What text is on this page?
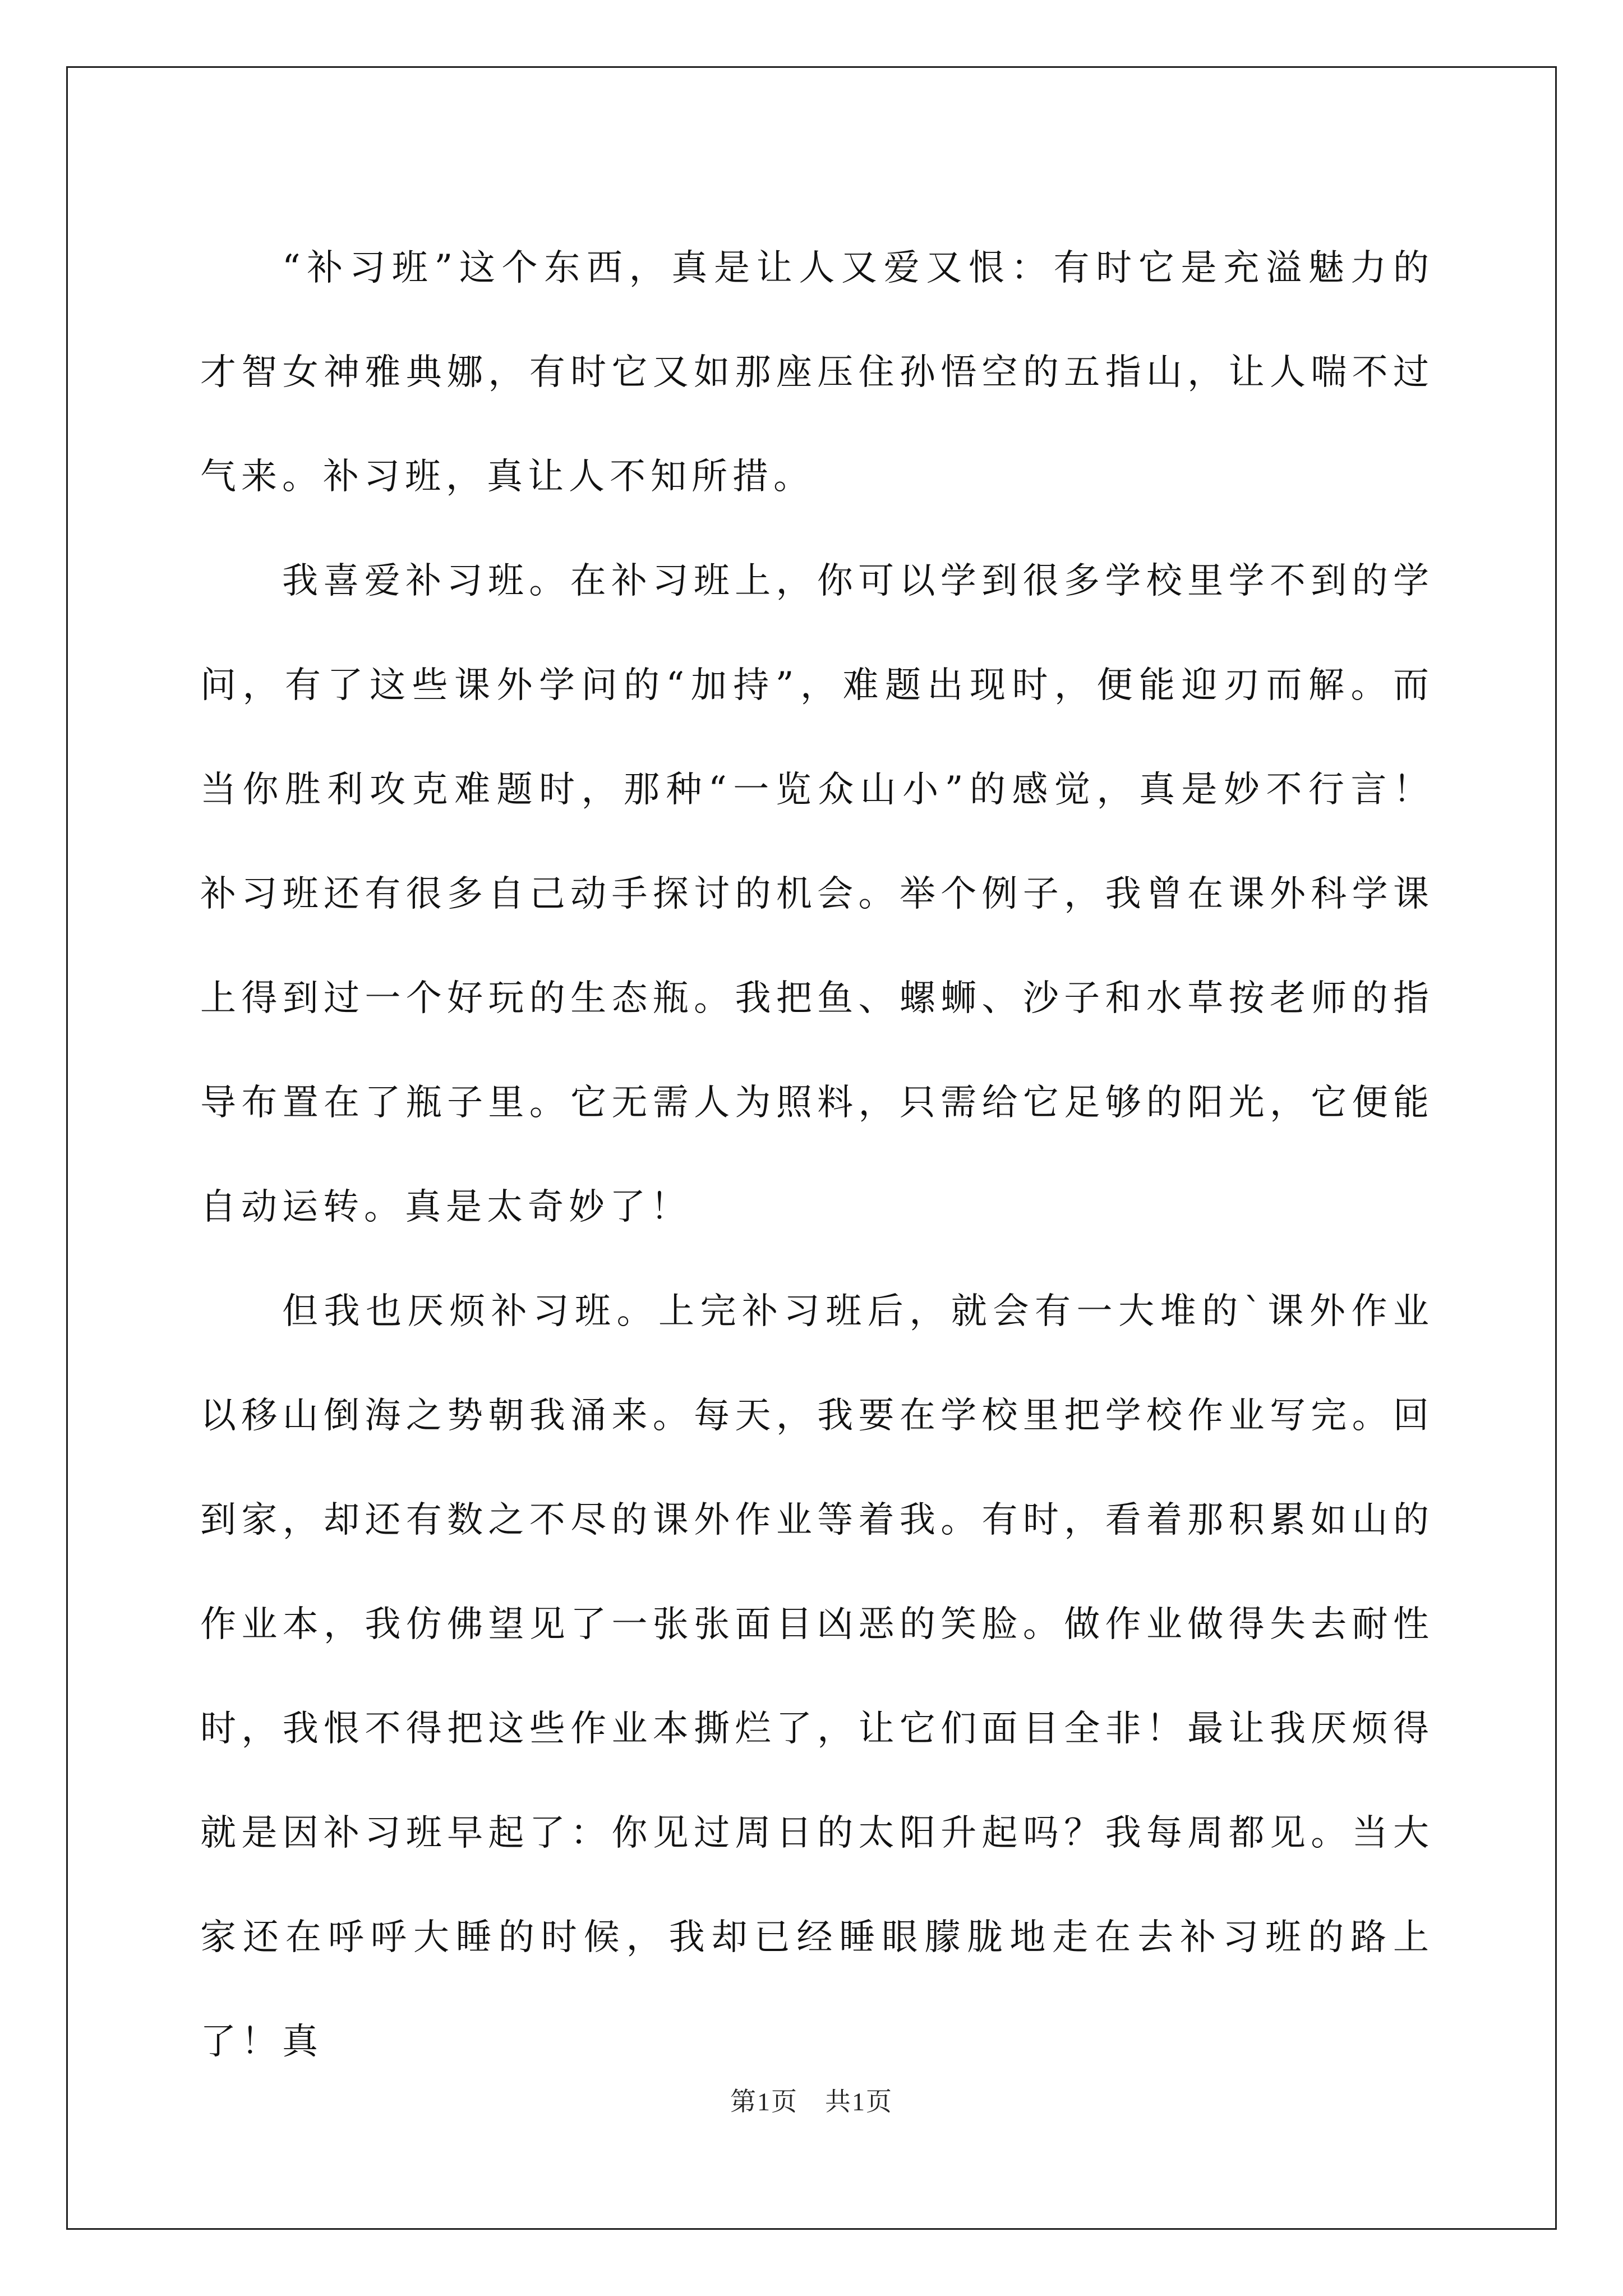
“补习班”这个东西，真是让人又爱又恨：有时它是充溢魅力的才智女神雅典娜，有时它又如那座压住孙悟空的五指山，让人喘不过气来。补习班，真让人不知所措。

我喜爱补习班。在补习班上，你可以学到很多学校里学不到的学问，有了这些课外学问的“加持”，难题出现时，便能迎刃而解。而当你胜利攻克难题时，那种“一览众山小”的感觉，真是妙不行言！补习班还有很多自己动手探讨的机会。举个例子，我曾在课外科学课上得到过一个好玩的生态瓶。我把鱼、螺蛳、沙子和水草按老师的指导布置在了瓶子里。它无需人为照料，只需给它足够的阳光，它便能自动运转。真是太奇妙了！

但我也厌烦补习班。上完补习班后，就会有一大堆的`课外作业以移山倒海之势朝我涌来。每天，我要在学校里把学校作业写完。回到家，却还有数之不尽的课外作业等着我。有时，看着那积累如山的作业本，我仿佛望见了一张张面目凶恶的笑脸。做作业做得失去耐性时，我恨不得把这些作业本撕烂了，让它们面目全非！最让我厌烦得就是因补习班早起了：你见过周日的太阳升起吗？我每周都见。当大家还在呼呼大睡的时候，我却已经睡眼朦胧地走在去补习班的路上了！真

第1页　共1页
